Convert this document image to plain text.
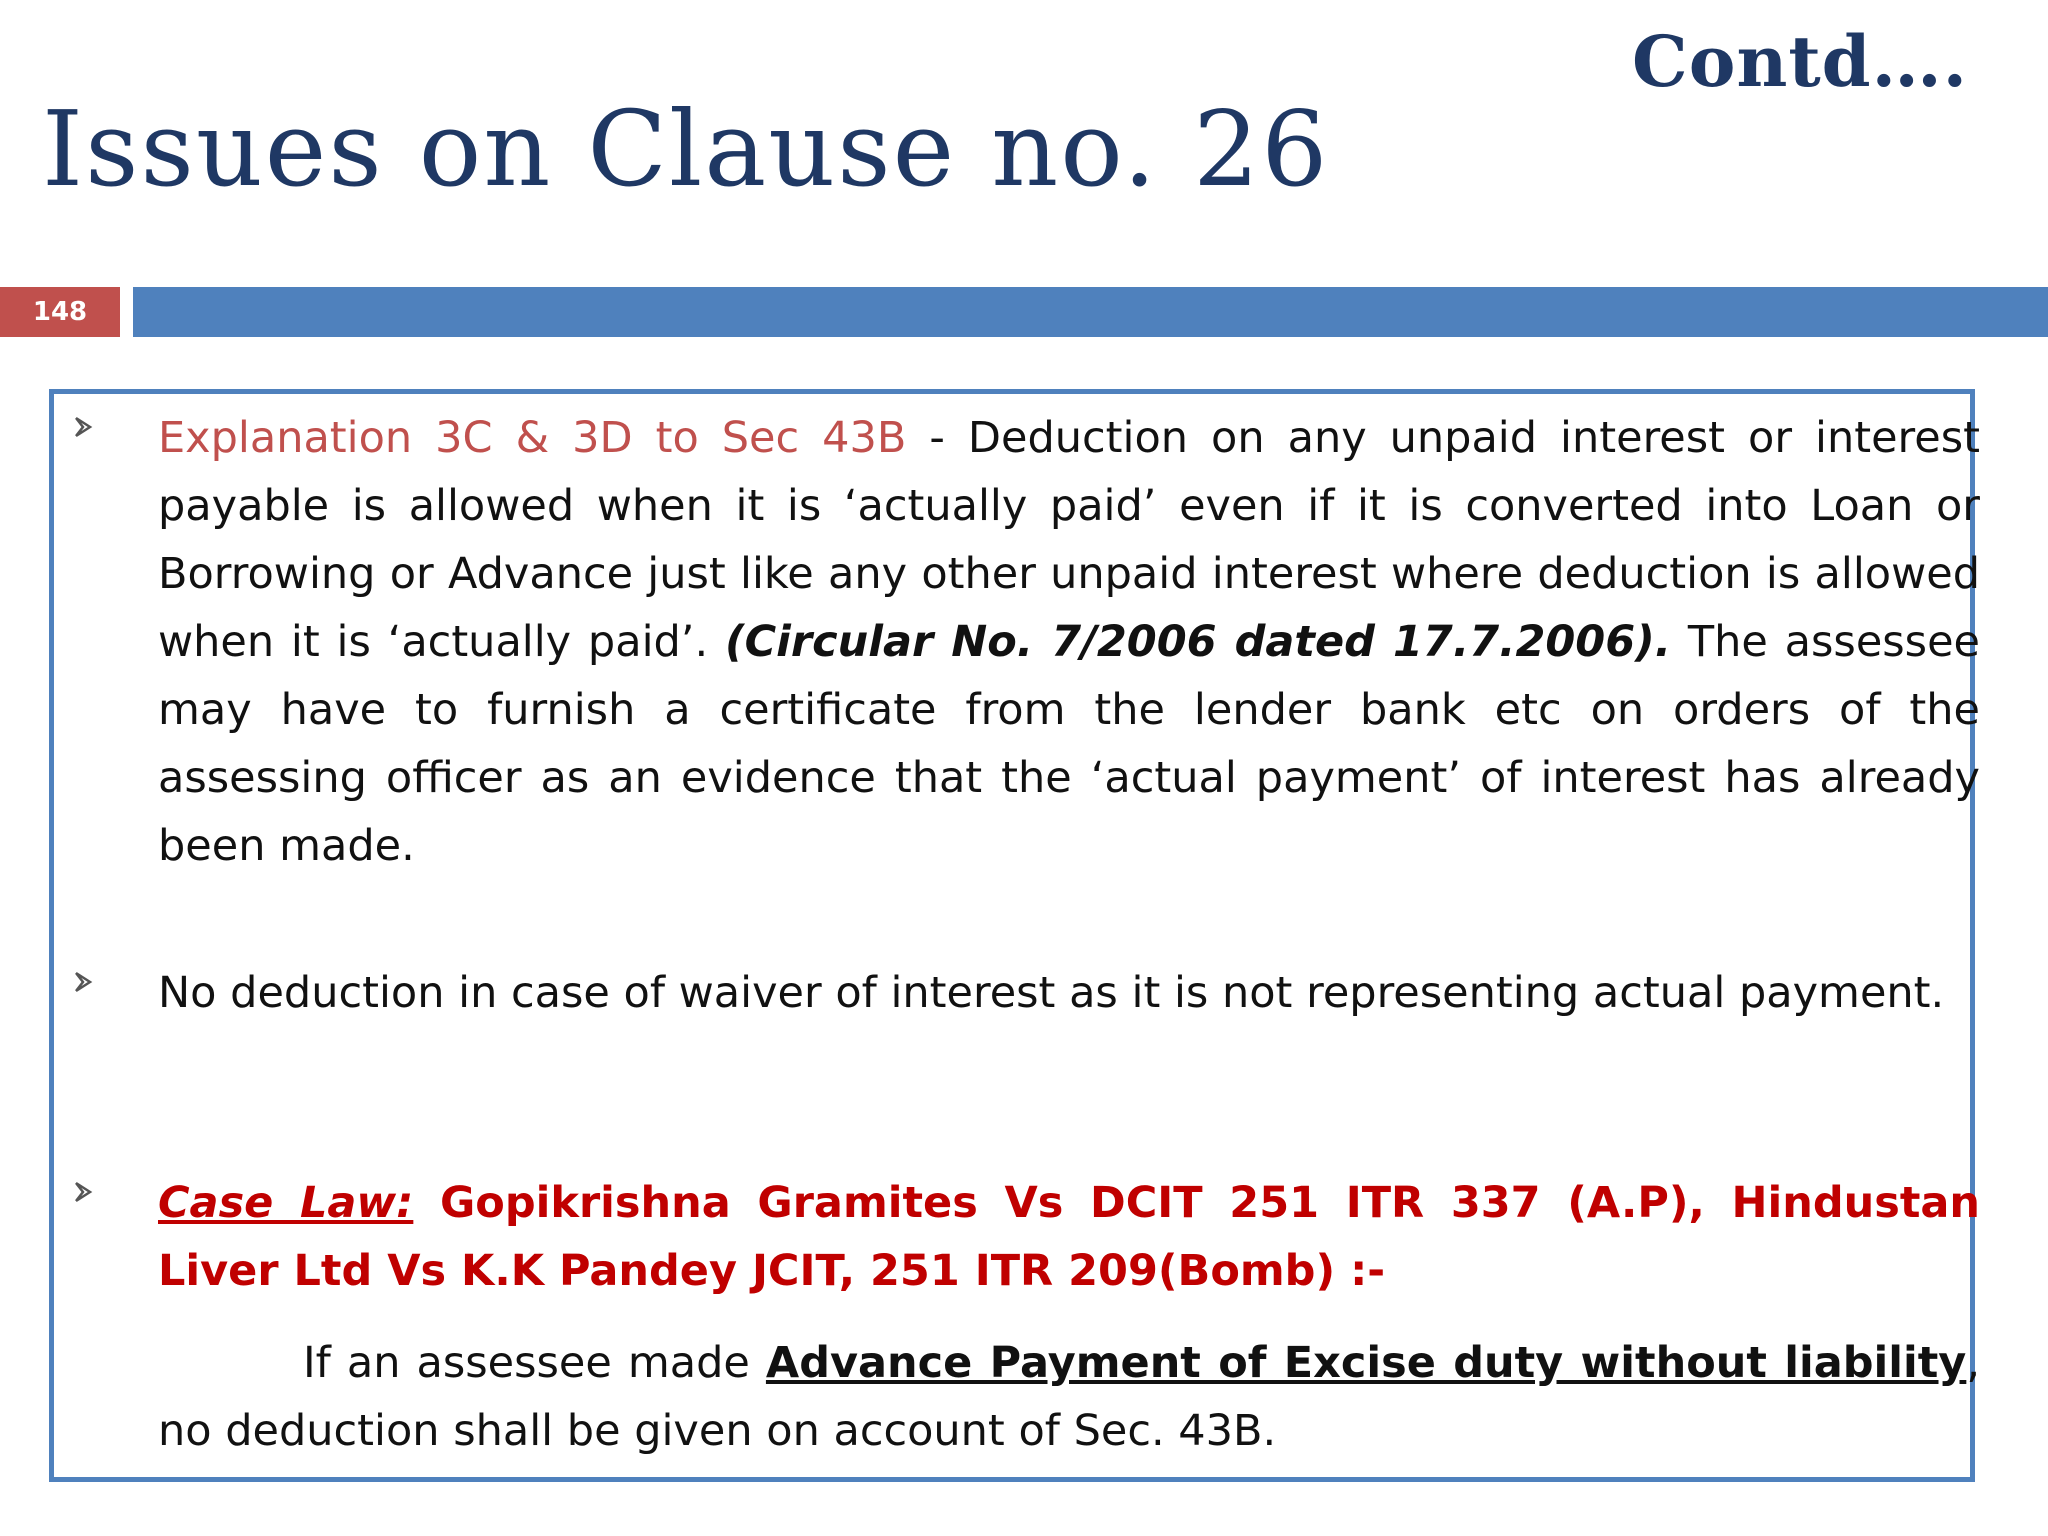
Contd….
Issues on Clause no. 26
148
Explanation 3C & 3D to Sec 43B - Deduction on any unpaid interest or interest payable is allowed when it is ‘actually paid’ even if it is converted into Loan or Borrowing or Advance just like any other unpaid interest where deduction is allowed when it is ‘actually paid’. (Circular No. 7/2006 dated 17.7.2006). The assessee may have to furnish a certificate from the lender bank etc on orders of the assessing officer as an evidence that the ‘actual payment’ of interest has already been made.
No deduction in case of waiver of interest as it is not representing actual payment.
Case Law: Gopikrishna Gramites Vs DCIT 251 ITR 337 (A.P), Hindustan Liver Ltd Vs K.K Pandey JCIT, 251 ITR 209(Bomb) :-
If an assessee made Advance Payment of Excise duty without liability, no deduction shall be given on account of Sec. 43B.
